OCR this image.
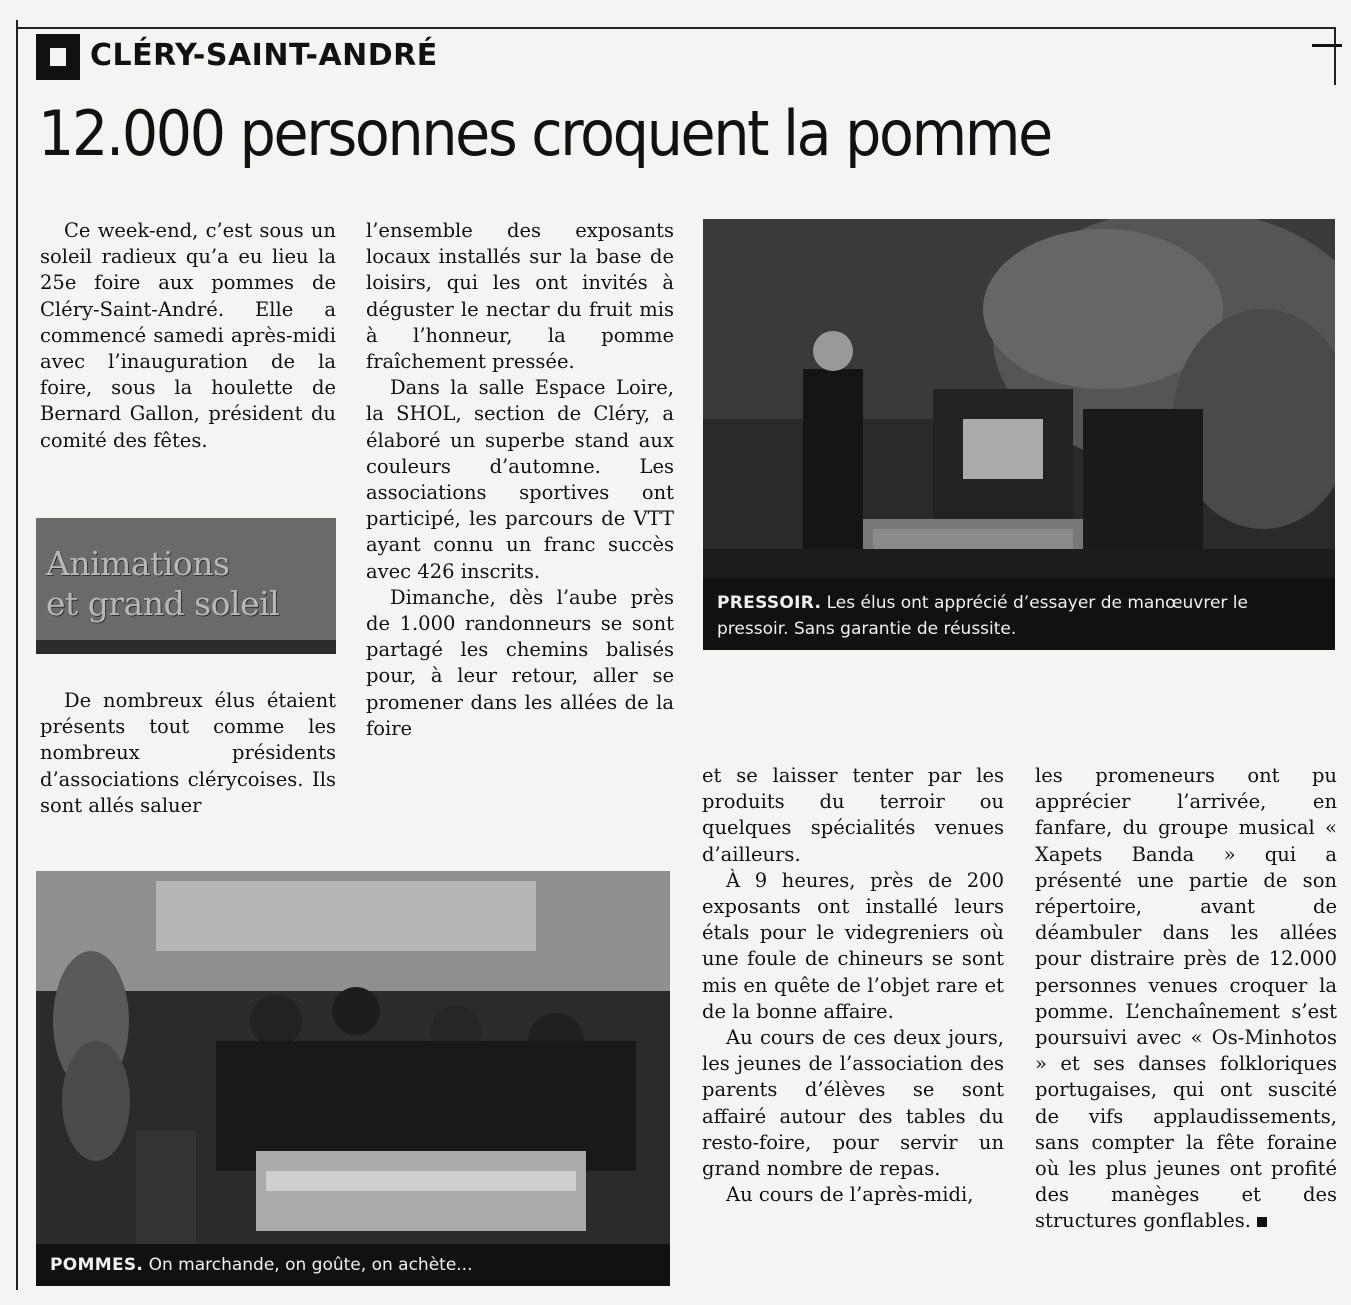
CLÉRY-SAINT-ANDRÉ
12.000 personnes croquent la pomme

Ce week-end, c’est sous un soleil radieux qu’a eu lieu la 25e foire aux pommes de Cléry-Saint-André. Elle a commencé samedi après-midi avec l’inauguration de la foire, sous la houlette de Bernard Gallon, président du comité des fêtes.

Animations
et grand soleil

De nombreux élus étaient présents tout comme les nombreux présidents d’associations clérycoises. Ils sont allés saluer

l’ensemble des exposants locaux installés sur la base de loisirs, qui les ont invités à déguster le nectar du fruit mis à l’honneur, la pomme fraîchement pressée.

Dans la salle Espace Loire, la SHOL, section de Cléry, a élaboré un superbe stand aux couleurs d’automne. Les associations sportives ont participé, les parcours de VTT ayant connu un franc succès avec 426 inscrits.

Dimanche, dès l’aube près de 1.000 randonneurs se sont partagé les chemins balisés pour, à leur retour, aller se promener dans les allées de la foire

PRESSOIR. Les élus ont apprécié d’essayer de manœuvrer le pressoir. Sans garantie de réussite.
POMMES. On marchande, on goûte, on achète...

et se laisser tenter par les produits du terroir ou quelques spécialités venues d’ailleurs.

À 9 heures, près de 200 exposants ont installé leurs étals pour le videgreniers où une foule de chineurs se sont mis en quête de l’objet rare et de la bonne affaire.

Au cours de ces deux jours, les jeunes de l’association des parents d’élèves se sont affairé autour des tables du resto-foire, pour servir un grand nombre de repas.

Au cours de l’après-midi,

les promeneurs ont pu apprécier l’arrivée, en fanfare, du groupe musical « Xapets Banda » qui a présenté une partie de son répertoire, avant de déambuler dans les allées pour distraire près de 12.000 personnes venues croquer la pomme. L’enchaînement s’est poursuivi avec « Os-Minhotos » et ses danses folkloriques portugaises, qui ont suscité de vifs applaudissements, sans compter la fête foraine où les plus jeunes ont profité des manèges et des structures gonflables.
